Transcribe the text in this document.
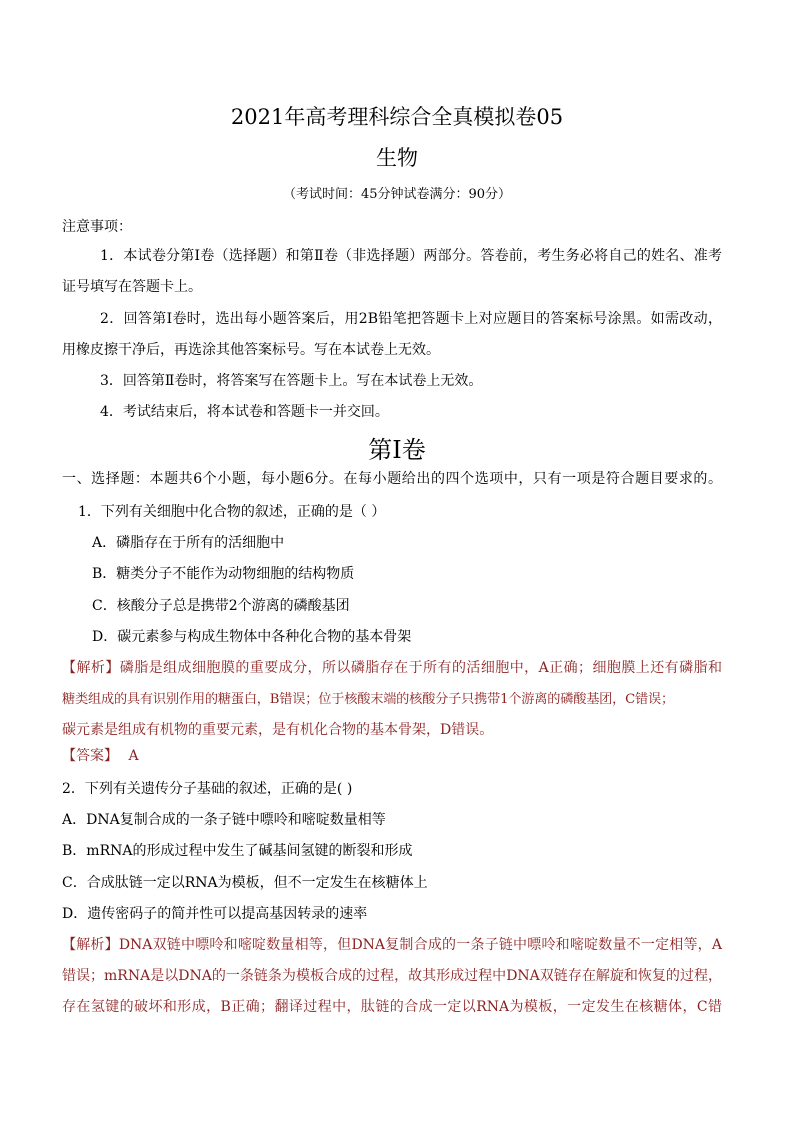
2021年高考理科综合全真模拟卷05
生物
（考试时间：45分钟试卷满分：90分）
注意事项：
1．本试卷分第Ⅰ卷（选择题）和第Ⅱ卷（非选择题）两部分。答卷前，考生务必将自己的姓名、准考
证号填写在答题卡上。
2．回答第Ⅰ卷时，选出每小题答案后，用2B铅笔把答题卡上对应题目的答案标号涂黑。如需改动，
用橡皮擦干净后，再选涂其他答案标号。写在本试卷上无效。
3．回答第Ⅱ卷时，将答案写在答题卡上。写在本试卷上无效。
4．考试结束后，将本试卷和答题卡一并交回。
第Ⅰ卷
一、选择题：本题共6个小题，每小题6分。在每小题给出的四个选项中，只有一项是符合题目要求的。
1．下列有关细胞中化合物的叙述，正确的是（ ）
A．磷脂存在于所有的活细胞中
B．糖类分子不能作为动物细胞的结构物质
C．核酸分子总是携带2个游离的磷酸基团
D．碳元素参与构成生物体中各种化合物的基本骨架
【解析】磷脂是组成细胞膜的重要成分，所以磷脂存在于所有的活细胞中，A正确；细胞膜上还有磷脂和
糖类组成的具有识别作用的糖蛋白，B错误；位于核酸末端的核酸分子只携带1个游离的磷酸基团，C错误；
碳元素是组成有机物的重要元素，是有机化合物的基本骨架，D错误。
【答案】 A
2．下列有关遗传分子基础的叙述，正确的是( )
A．DNA复制合成的一条子链中嘌呤和嘧啶数量相等
B．mRNA的形成过程中发生了碱基间氢键的断裂和形成
C．合成肽链一定以RNA为模板，但不一定发生在核糖体上
D．遗传密码子的简并性可以提高基因转录的速率
【解析】DNA双链中嘌呤和嘧啶数量相等，但DNA复制合成的一条子链中嘌呤和嘧啶数量不一定相等，A
错误；mRNA是以DNA的一条链条为模板合成的过程，故其形成过程中DNA双链存在解旋和恢复的过程，
存在氢键的破坏和形成，B正确；翻译过程中，肽链的合成一定以RNA为模板，一定发生在核糖体，C错
